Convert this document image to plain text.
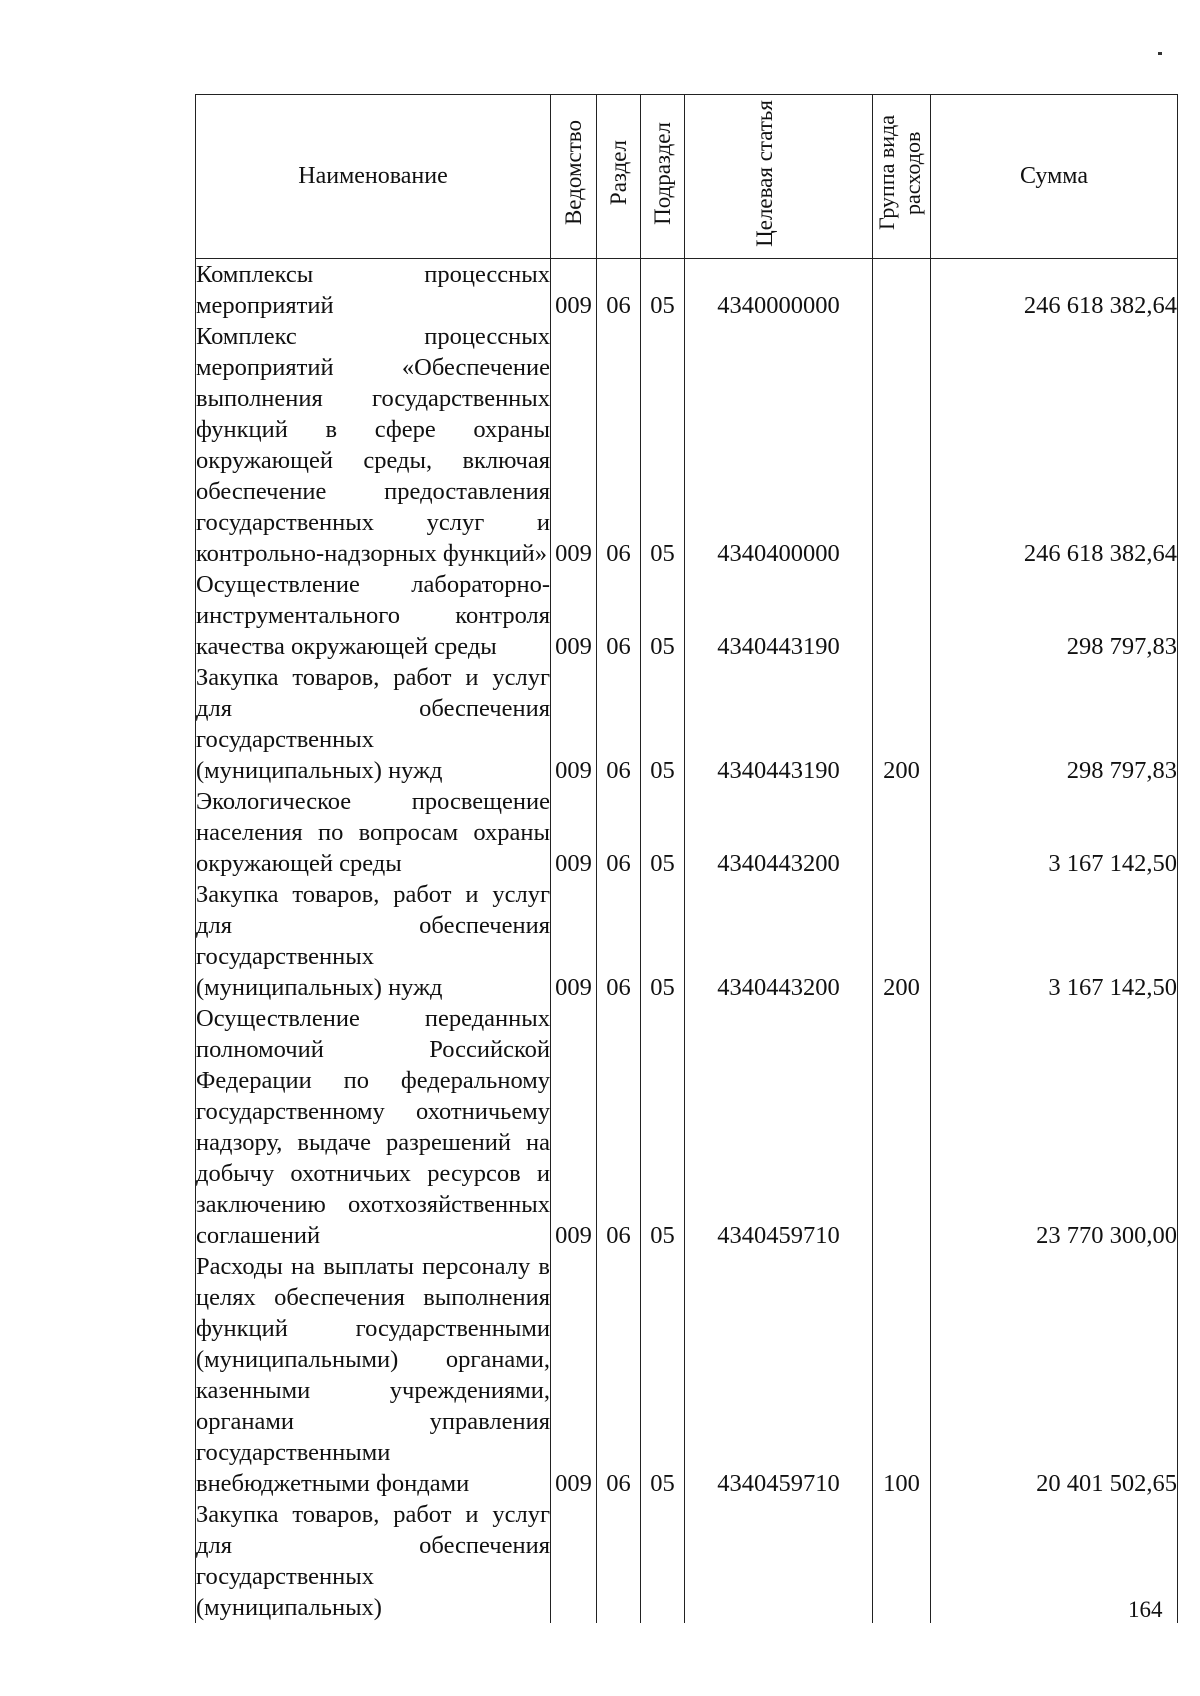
Наименование	Ведомство	Раздел	Подраздел	Целевая статья	Группа вида расходов	Сумма
Комплексы процессных мероприятий	009	06	05	4340000000		246 618 382,64
Комплекс процессных мероприятий «Обеспечение выполнения государственных функций в сфере охраны окружающей среды, включая обеспечение предоставления государственных услуг и контрольно-надзорных функций»	009	06	05	4340400000		246 618 382,64
Осуществление лабораторно-инструментального контроля качества окружающей среды	009	06	05	4340443190		298 797,83
Закупка товаров, работ и услуг для обеспечения государственных (муниципальных) нужд	009	06	05	4340443190	200	298 797,83
Экологическое просвещение населения по вопросам охраны окружающей среды	009	06	05	4340443200		3 167 142,50
Закупка товаров, работ и услуг для обеспечения государственных (муниципальных) нужд	009	06	05	4340443200	200	3 167 142,50
Осуществление переданных полномочий Российской Федерации по федеральному государственному охотничьему надзору, выдаче разрешений на добычу охотничьих ресурсов и заключению охотхозяйственных соглашений	009	06	05	4340459710		23 770 300,00
Расходы на выплаты персоналу в целях обеспечения выполнения функций государственными (муниципальными) органами, казенными учреждениями, органами управления государственными внебюджетными фондами	009	06	05	4340459710	100	20 401 502,65
Закупка товаров, работ и услуг для обеспечения государственных (муниципальных)							164
